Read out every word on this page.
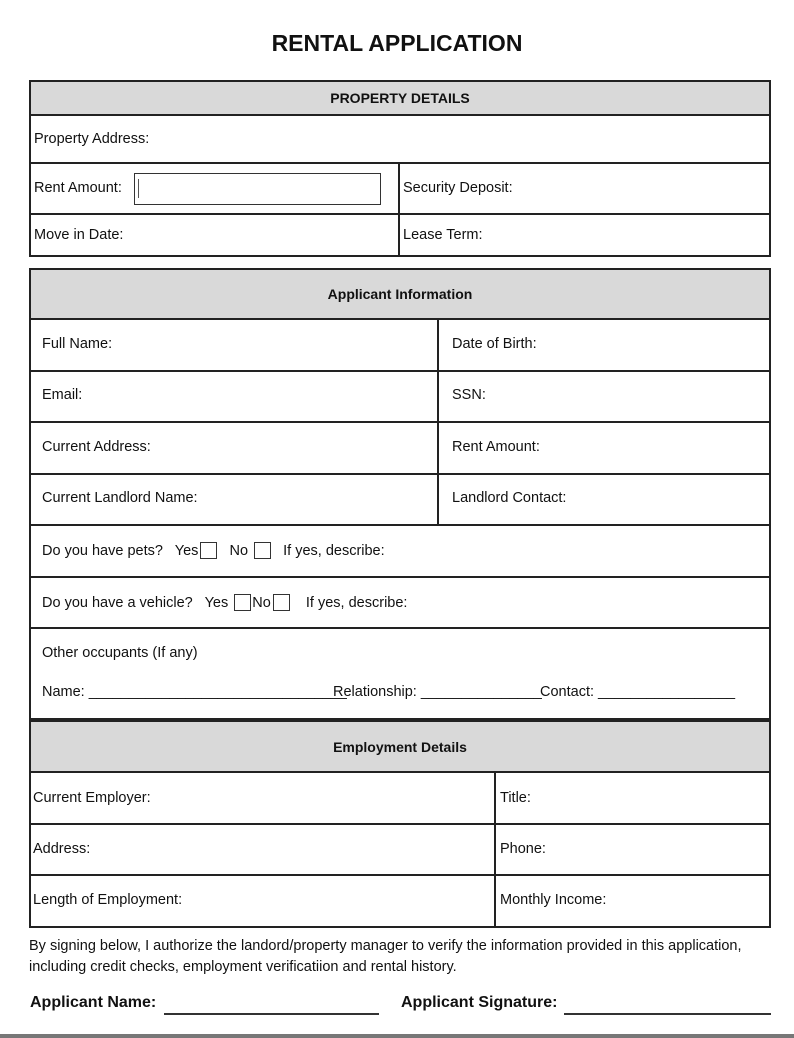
RENTAL APPLICATION
PROPERTY DETAILS
Property Address:
Rent Amount:	Security Deposit:
Move in Date:	Lease Term:
Applicant Information
Full Name:	Date of Birth:
Email:	SSN:
Current Address:	Rent Amount:
Current Landlord Name:	Landlord Contact:
Do you have pets? Yes No If yes, describe:
Do you have a vehicle? Yes No If yes, describe:
Other occupants (If any)
Name: ________________________________
Relationship: _______________
Contact: _________________
Employment Details
Current Employer:	Title:
Address:	Phone:
Length of Employment:	Monthly Income:
By signing below, I authorize the landord/property manager to verify the information provided in this application, including credit checks, employment verificatiion and rental history.
Applicant Name:	Applicant Signature:
